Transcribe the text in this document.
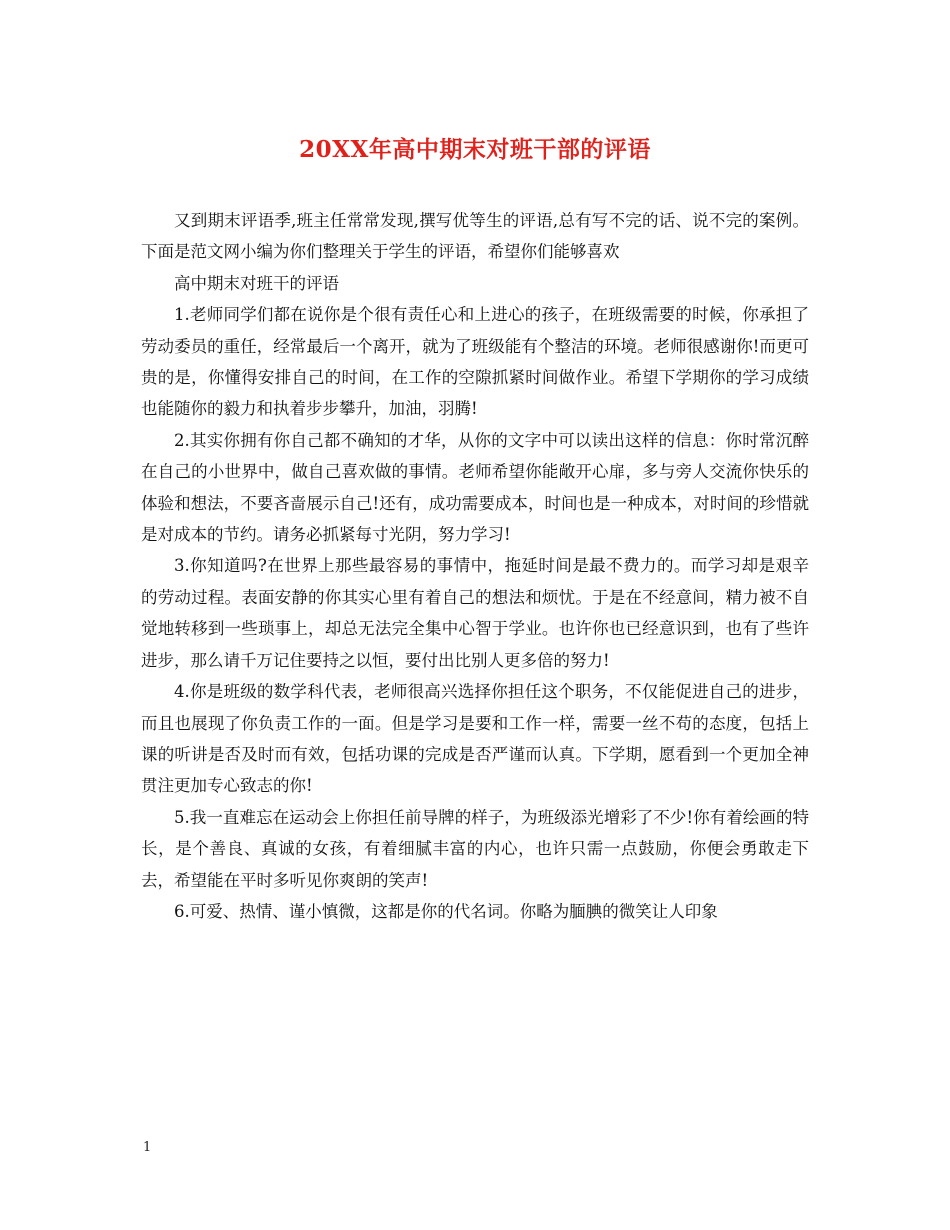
20XX年高中期末对班干部的评语

又到期末评语季,班主任常常发现,撰写优等生的评语,总有写不完的话、说不完的案例。下面是范文网小编为你们整理关于学生的评语，希望你们能够喜欢

高中期末对班干的评语

1.老师同学们都在说你是个很有责任心和上进心的孩子，在班级需要的时候，你承担了劳动委员的重任，经常最后一个离开，就为了班级能有个整洁的环境。老师很感谢你!而更可贵的是，你懂得安排自己的时间，在工作的空隙抓紧时间做作业。希望下学期你的学习成绩也能随你的毅力和执着步步攀升，加油，羽腾!

2.其实你拥有你自己都不确知的才华，从你的文字中可以读出这样的信息：你时常沉醉在自己的小世界中，做自己喜欢做的事情。老师希望你能敞开心扉，多与旁人交流你快乐的体验和想法，不要吝啬展示自己!还有，成功需要成本，时间也是一种成本，对时间的珍惜就是对成本的节约。请务必抓紧每寸光阴，努力学习!

3.你知道吗?在世界上那些最容易的事情中，拖延时间是最不费力的。而学习却是艰辛的劳动过程。表面安静的你其实心里有着自己的想法和烦忧。于是在不经意间，精力被不自觉地转移到一些琐事上，却总无法完全集中心智于学业。也许你也已经意识到，也有了些许进步，那么请千万记住要持之以恒，要付出比别人更多倍的努力!

4.你是班级的数学科代表，老师很高兴选择你担任这个职务，不仅能促进自己的进步，而且也展现了你负责工作的一面。但是学习是要和工作一样，需要一丝不苟的态度，包括上课的听讲是否及时而有效，包括功课的完成是否严谨而认真。下学期，愿看到一个更加全神贯注更加专心致志的你!

5.我一直难忘在运动会上你担任前导牌的样子，为班级添光增彩了不少!你有着绘画的特长，是个善良、真诚的女孩，有着细腻丰富的内心，也许只需一点鼓励，你便会勇敢走下去，希望能在平时多听见你爽朗的笑声!

6.可爱、热情、谨小慎微，这都是你的代名词。你略为腼腆的微笑让人印象

1
